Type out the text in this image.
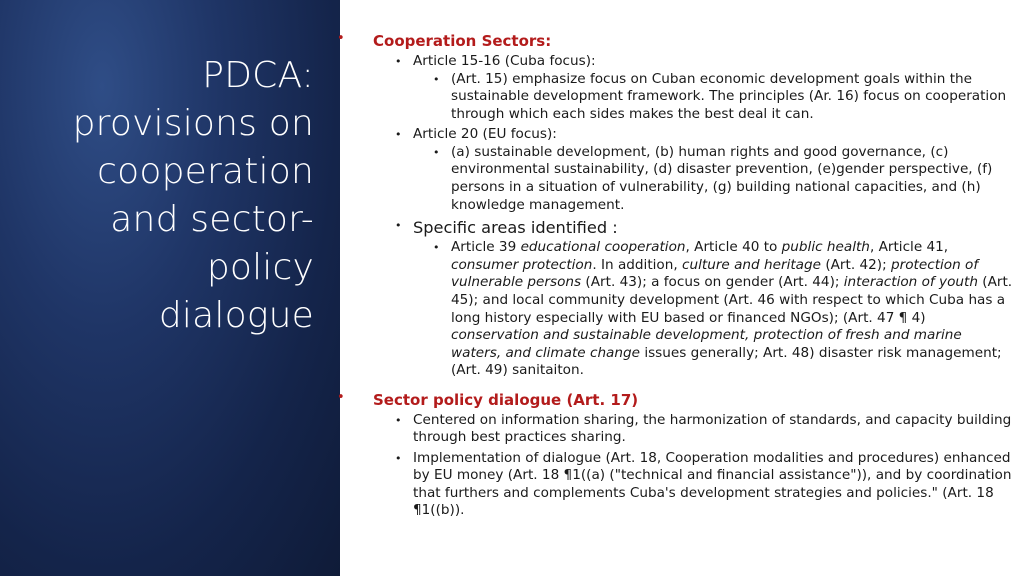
PDCA:
provisions on
cooperation
and sector-
policy
dialogue
• Cooperation Sectors:
• Article 15-16 (Cuba focus):
• (Art. 15) emphasize focus on Cuban economic development goals within the sustainable development framework. The principles (Ar. 16) focus on cooperation through which each sides makes the best deal it can.
• Article 20 (EU focus):
• (a) sustainable development, (b) human rights and good governance, (c) environmental sustainability, (d) disaster prevention, (e)gender perspective, (f) persons in a situation of vulnerability, (g) building national capacities, and (h) knowledge management.
• Specific areas identified :
• Article 39 educational cooperation, Article 40 to public health, Article 41, consumer protection. In addition, culture and heritage (Art. 42); protection of vulnerable persons (Art. 43); a focus on gender (Art. 44); interaction of youth (Art. 45); and local community development (Art. 46 with respect to which Cuba has a long history especially with EU based or financed NGOs); (Art. 47 ¶ 4) conservation and sustainable development, protection of fresh and marine waters, and climate change issues generally; Art. 48) disaster risk management; (Art. 49) sanitaiton.
• Sector policy dialogue (Art. 17)
• Centered on information sharing, the harmonization of standards, and capacity building through best practices sharing.
• Implementation of dialogue (Art. 18, Cooperation modalities and procedures) enhanced by EU money (Art. 18 ¶1((a) ("technical and financial assistance")), and by coordination that furthers and complements Cuba's development strategies and policies." (Art. 18 ¶1((b)).
